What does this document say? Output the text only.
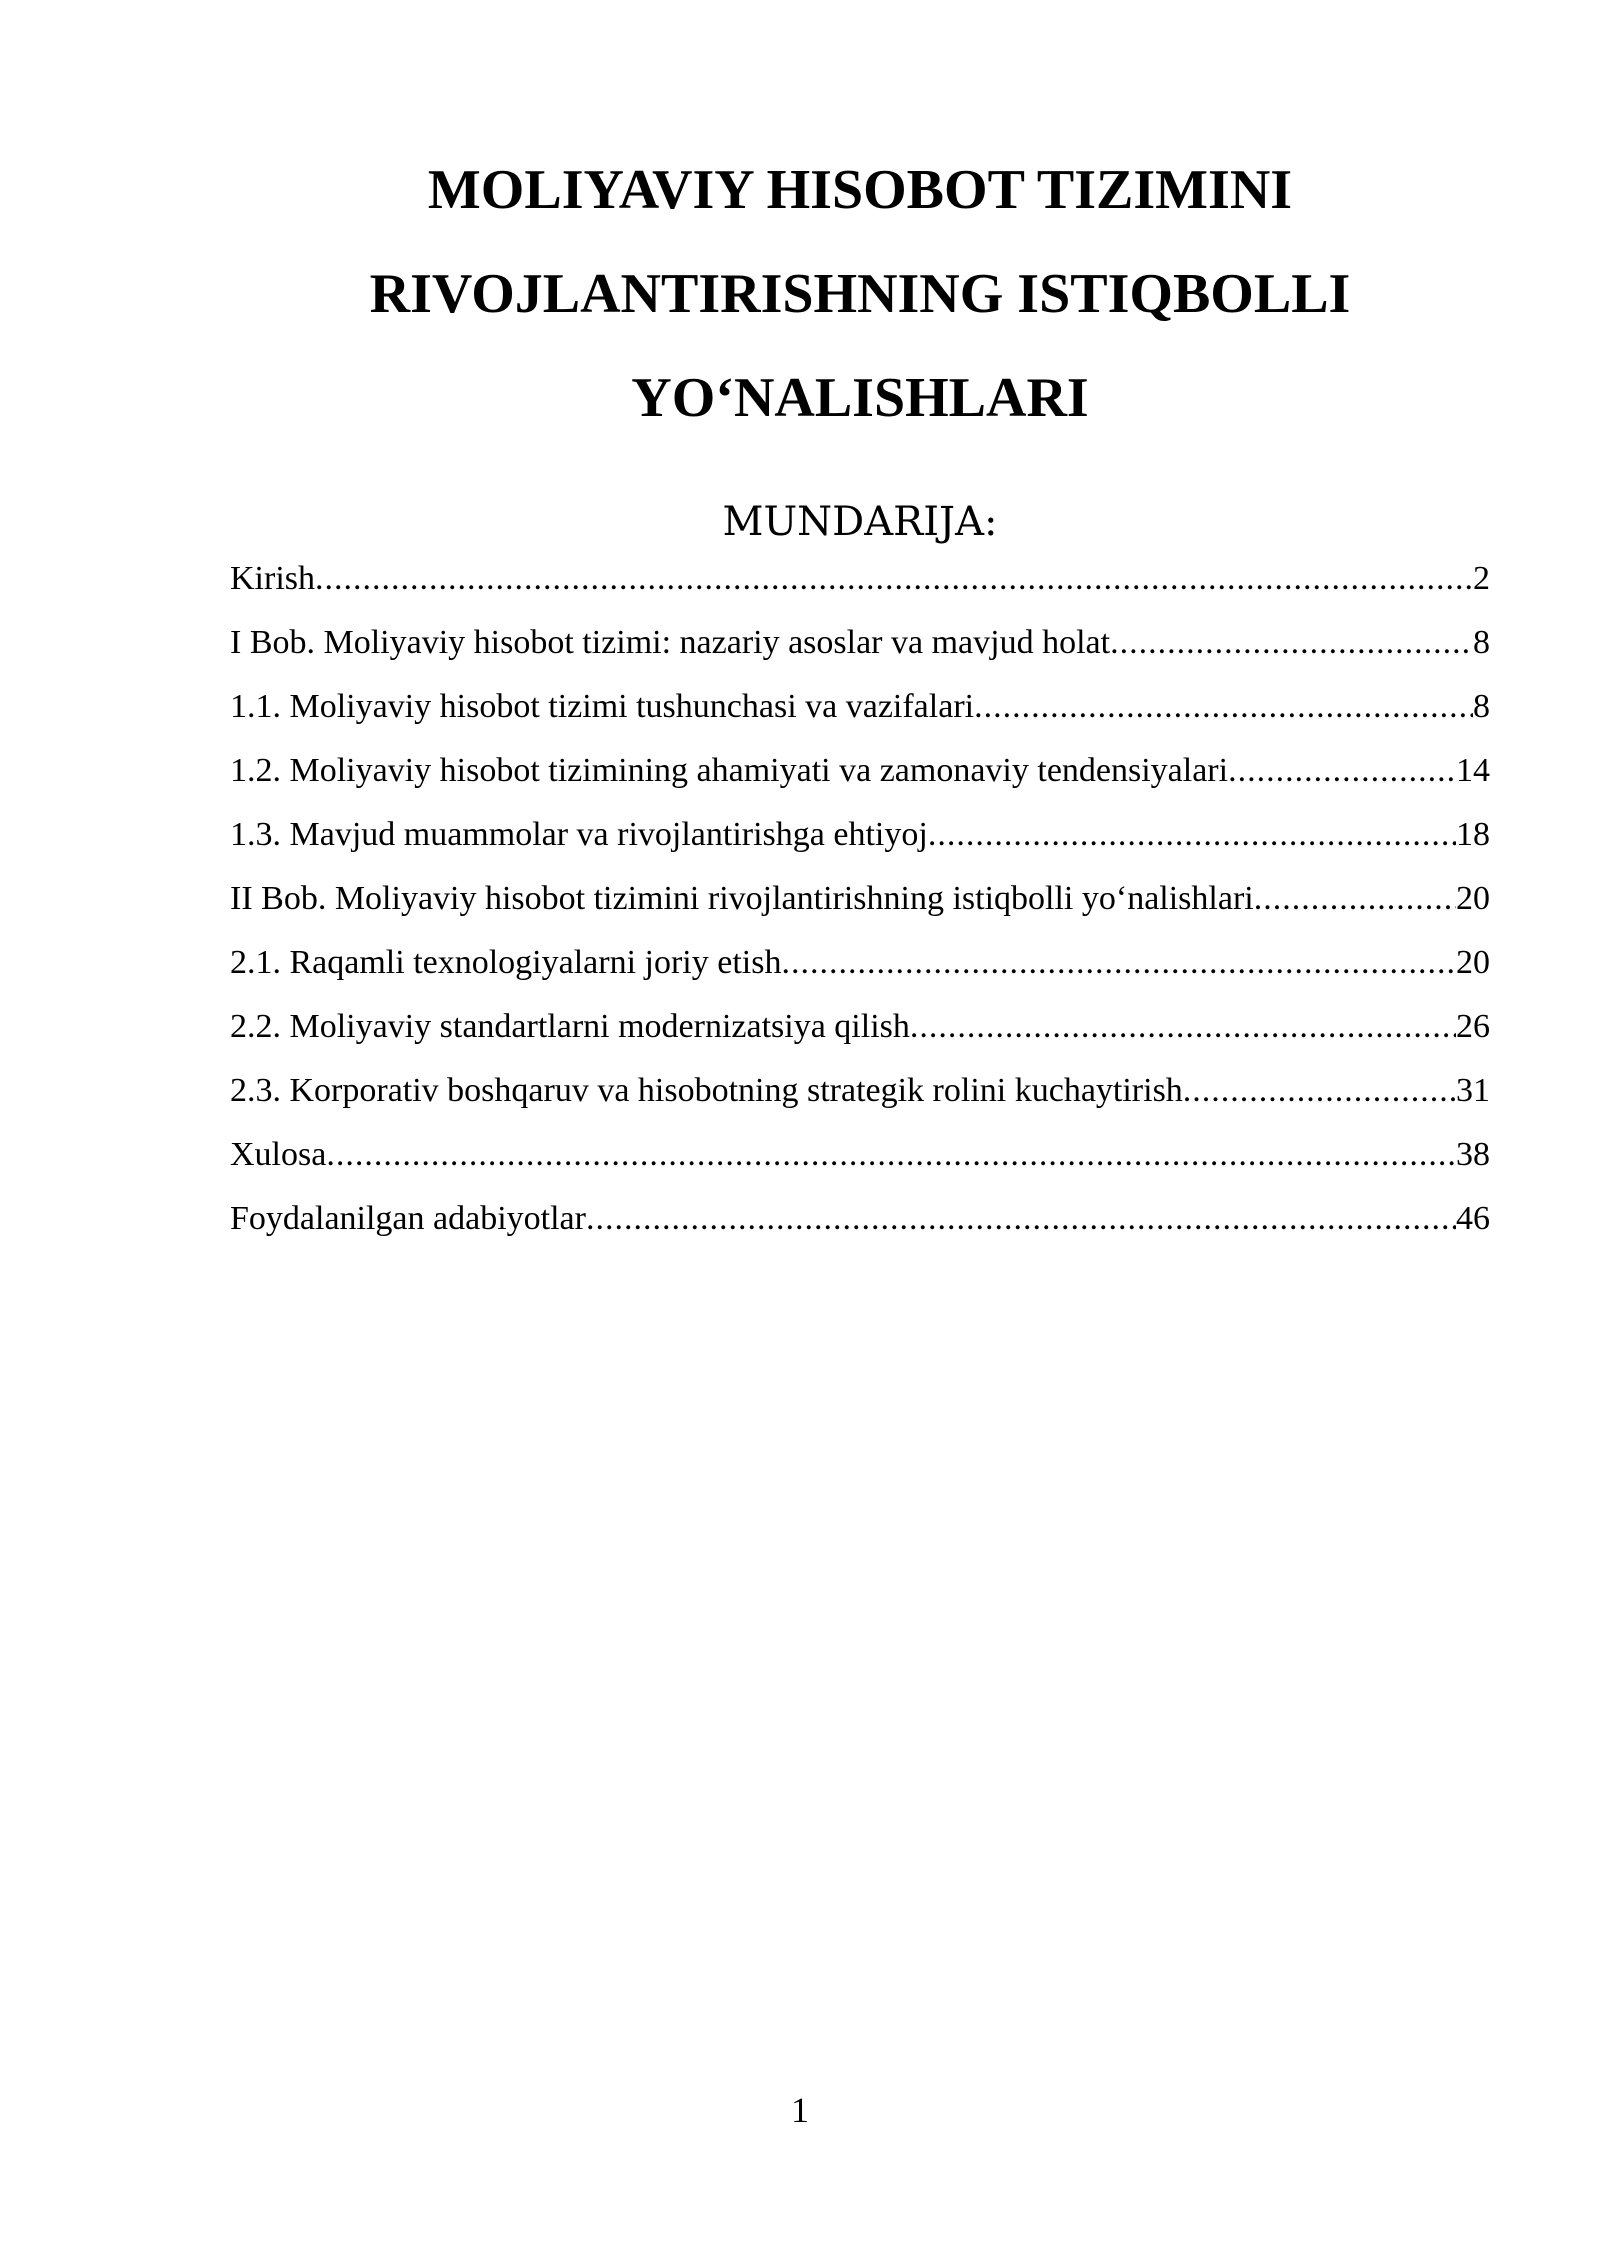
MOLIYAVIY HISOBOT TIZIMINI
RIVOJLANTIRISHNING ISTIQBOLLI
YO‘NALISHLARI
MUNDARIJA:
Kirish .....	2
I Bob. Moliyaviy hisobot tizimi: nazariy asoslar va mavjud holat .....	8
1.1. Moliyaviy hisobot tizimi tushunchasi va vazifalari .....	8
1.2. Moliyaviy hisobot tizimining ahamiyati va zamonaviy tendensiyalari .....	14
1.3. Mavjud muammolar va rivojlantirishga ehtiyoj .....	18
II Bob. Moliyaviy hisobot tizimini rivojlantirishning istiqbolli yo‘nalishlari .....	20
2.1. Raqamli texnologiyalarni joriy etish .....	20
2.2. Moliyaviy standartlarni modernizatsiya qilish .....	26
2.3. Korporativ boshqaruv va hisobotning strategik rolini kuchaytirish .....	31
Xulosa .....	38
Foydalanilgan adabiyotlar .....	46
1
